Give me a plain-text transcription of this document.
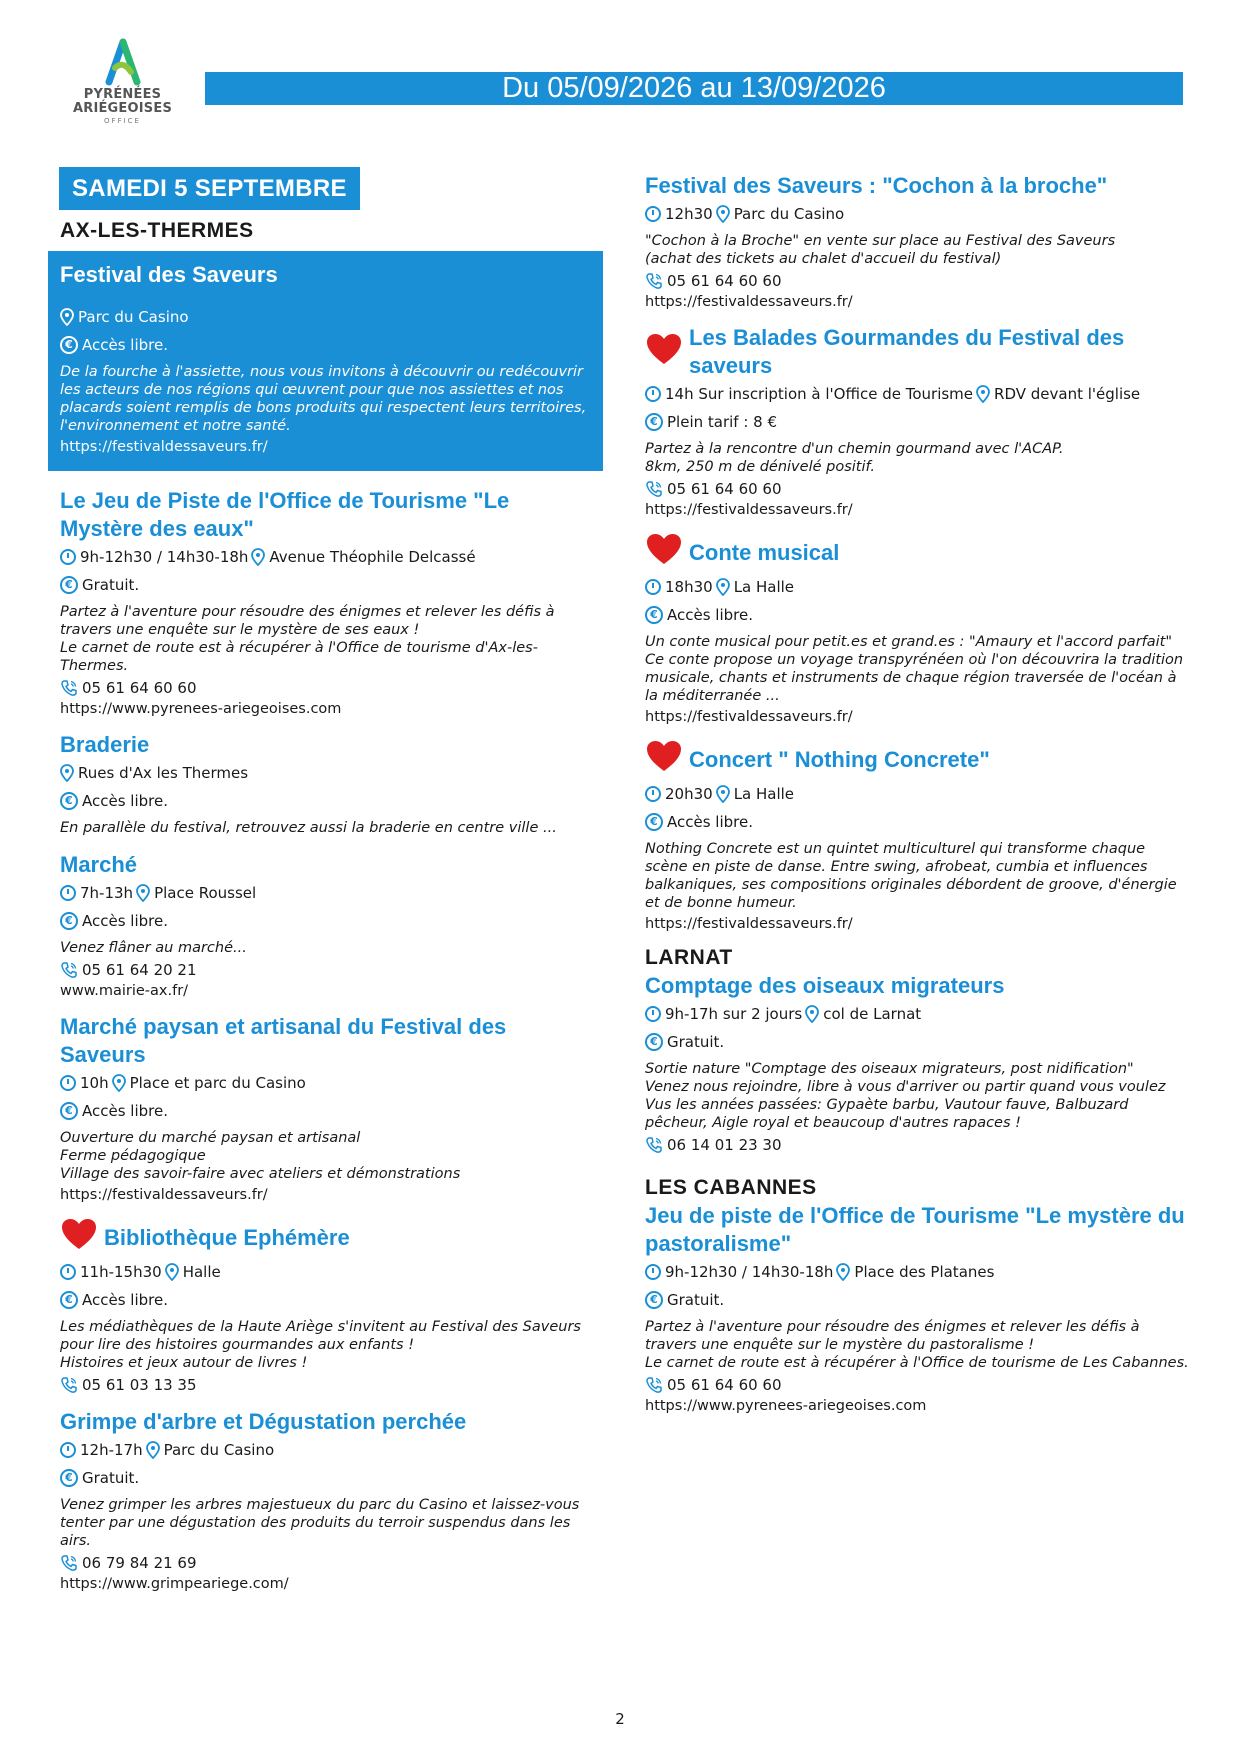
PYRÉNÉES
ARIÉGEOISES
OFFICE
Du 05/09/2026 au 13/09/2026
SAMEDI 5 SEPTEMBRE
AX-LES-THERMES
Festival des Saveurs
Parc du Casino
€ Accès libre.
De la fourche à l'assiette, nous vous invitons à découvrir ou redécouvrir les acteurs de nos régions qui œuvrent pour que nos assiettes et nos placards soient remplis de bons produits qui respectent leurs territoires, l'environnement et notre santé.
https://festivaldessaveurs.fr/
Le Jeu de Piste de l'Office de Tourisme "Le Mystère des eaux"
9h-12h30 / 14h30-18h Avenue Théophile Delcassé
€ Gratuit.
Partez à l'aventure pour résoudre des énigmes et relever les défis à travers une enquête sur le mystère de ses eaux !
Le carnet de route est à récupérer à l'Office de tourisme d'Ax-les-Thermes.
05 61 64 60 60
https://www.pyrenees-ariegeoises.com
Braderie
Rues d'Ax les Thermes
€ Accès libre.
En parallèle du festival, retrouvez aussi la braderie en centre ville ...
Marché
7h-13h Place Roussel
€ Accès libre.
Venez flâner au marché...
05 61 64 20 21
www.mairie-ax.fr/
Marché paysan et artisanal du Festival des Saveurs
10h Place et parc du Casino
€ Accès libre.
Ouverture du marché paysan et artisanal
Ferme pédagogique
Village des savoir-faire avec ateliers et démonstrations
https://festivaldessaveurs.fr/
Bibliothèque Ephémère
11h-15h30 Halle
€ Accès libre.
Les médiathèques de la Haute Ariège s'invitent au Festival des Saveurs pour lire des histoires gourmandes aux enfants !
Histoires et jeux autour de livres !
05 61 03 13 35
Grimpe d'arbre et Dégustation perchée
12h-17h Parc du Casino
€ Gratuit.
Venez grimper les arbres majestueux du parc du Casino et laissez-vous tenter par une dégustation des produits du terroir suspendus dans les airs.
06 79 84 21 69
https://www.grimpeariege.com/
Festival des Saveurs : "Cochon à la broche"
12h30 Parc du Casino
"Cochon à la Broche" en vente sur place au Festival des Saveurs
(achat des tickets au chalet d'accueil du festival)
05 61 64 60 60
https://festivaldessaveurs.fr/
Les Balades Gourmandes du Festival des saveurs
14h Sur inscription à l'Office de Tourisme RDV devant l'église
€ Plein tarif : 8 €
Partez à la rencontre d'un chemin gourmand avec l'ACAP.
8km, 250 m de dénivelé positif.
05 61 64 60 60
https://festivaldessaveurs.fr/
Conte musical
18h30 La Halle
€ Accès libre.
Un conte musical pour petit.es et grand.es : "Amaury et l'accord parfait"
Ce conte propose un voyage transpyrénéen où l'on découvrira la tradition musicale, chants et instruments de chaque région traversée de l'océan à la méditerranée ...
https://festivaldessaveurs.fr/
Concert " Nothing Concrete"
20h30 La Halle
€ Accès libre.
Nothing Concrete est un quintet multiculturel qui transforme chaque scène en piste de danse. Entre swing, afrobeat, cumbia et influences balkaniques, ses compositions originales débordent de groove, d'énergie et de bonne humeur.
https://festivaldessaveurs.fr/
LARNAT
Comptage des oiseaux migrateurs
9h-17h sur 2 jours col de Larnat
€ Gratuit.
Sortie nature "Comptage des oiseaux migrateurs, post nidification"
Venez nous rejoindre, libre à vous d'arriver ou partir quand vous voulez
Vus les années passées: Gypaète barbu, Vautour fauve, Balbuzard pêcheur, Aigle royal et beaucoup d'autres rapaces !
06 14 01 23 30
LES CABANNES
Jeu de piste de l'Office de Tourisme "Le mystère du pastoralisme"
9h-12h30 / 14h30-18h Place des Platanes
€ Gratuit.
Partez à l'aventure pour résoudre des énigmes et relever les défis à travers une enquête sur le mystère du pastoralisme !
Le carnet de route est à récupérer à l'Office de tourisme de Les Cabannes.
05 61 64 60 60
https://www.pyrenees-ariegeoises.com
2
